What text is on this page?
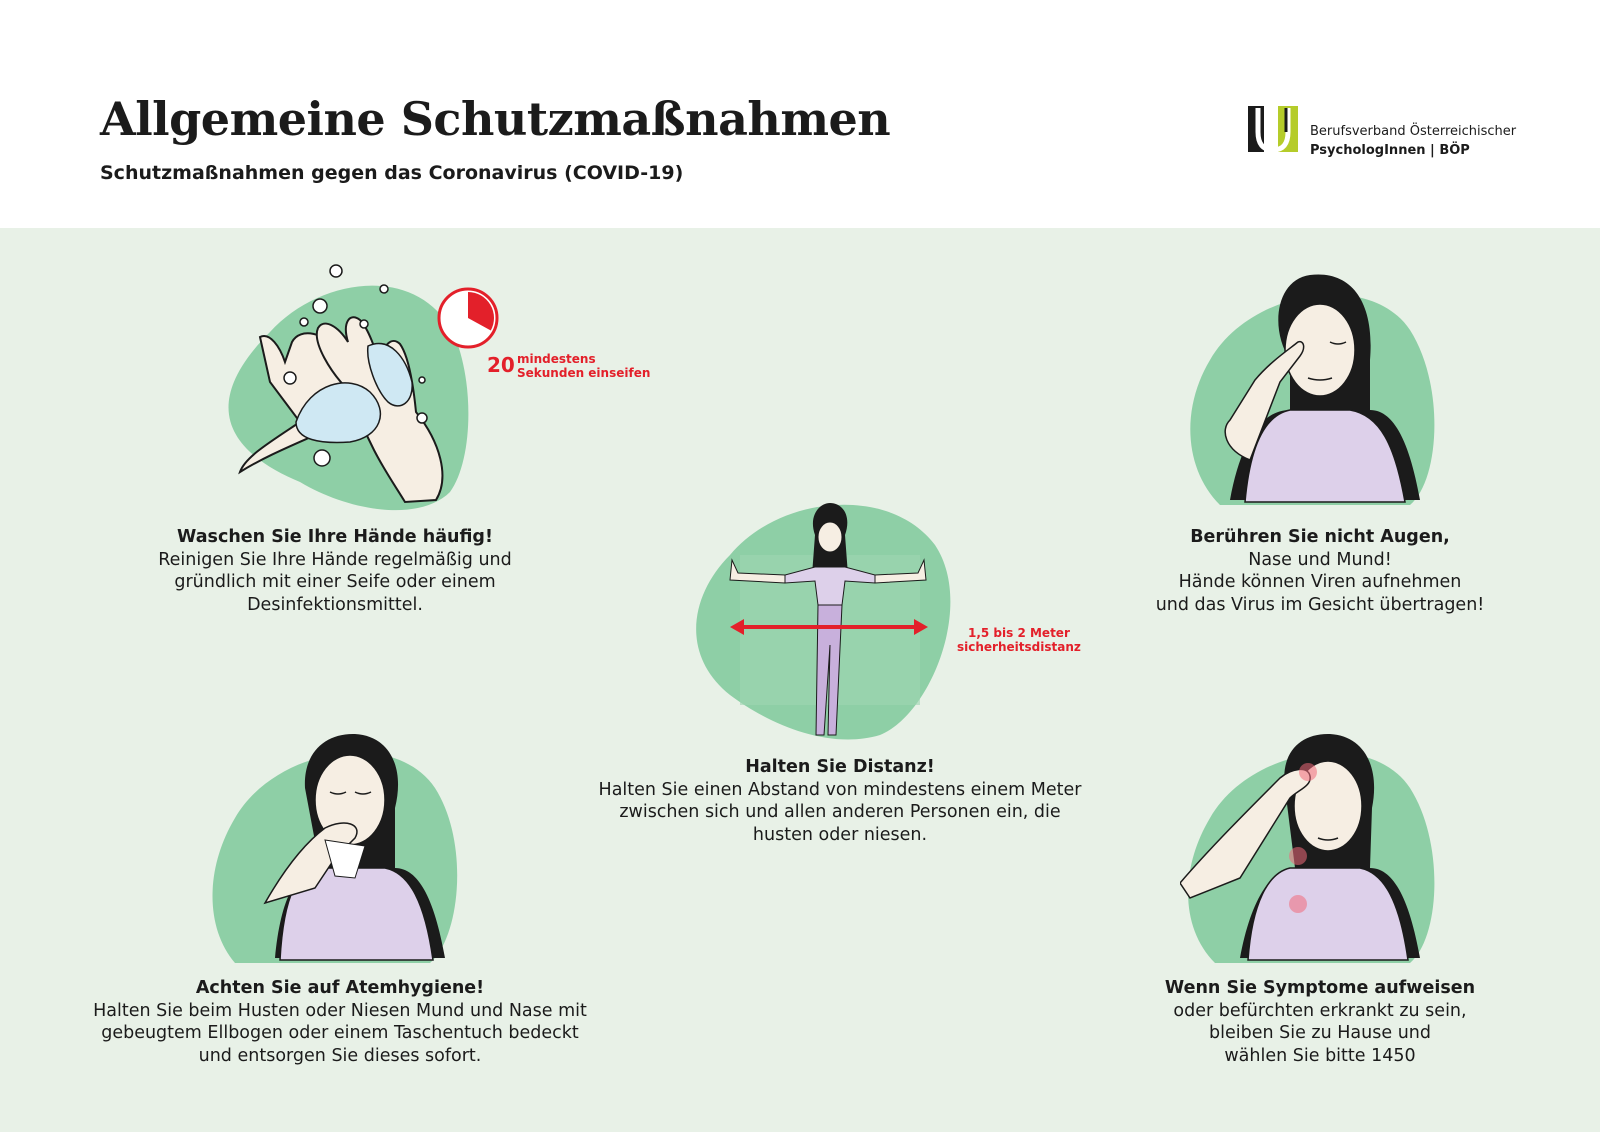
Allgemeine Schutzmaßnahmen
Schutzmaßnahmen gegen das Coronavirus (COVID-19)
Berufsverband Österreichischer
PsychologInnen | BÖP
20 mindestens
Sekunden einseifen
Waschen Sie Ihre Hände häufig!
Reinigen Sie Ihre Hände regelmäßig und
gründlich mit einer Seife oder einem
Desinfektionsmittel.
Berühren Sie nicht Augen,
Nase und Mund!
Hände können Viren aufnehmen
und das Virus im Gesicht übertragen!
1,5 bis 2 Meter
sicherheitsdistanz
Halten Sie Distanz!
Halten Sie einen Abstand von mindestens einem Meter
zwischen sich und allen anderen Personen ein, die
husten oder niesen.
Achten Sie auf Atemhygiene!
Halten Sie beim Husten oder Niesen Mund und Nase mit
gebeugtem Ellbogen oder einem Taschentuch bedeckt
und entsorgen Sie dieses sofort.
Wenn Sie Symptome aufweisen
oder befürchten erkrankt zu sein,
bleiben Sie zu Hause und
wählen Sie bitte 1450
